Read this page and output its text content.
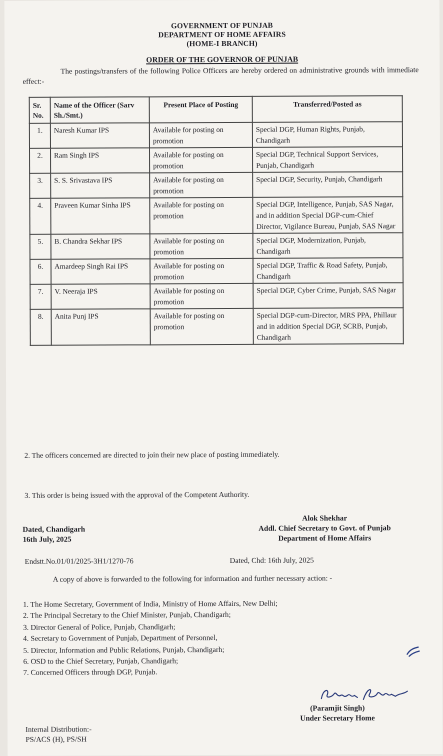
GOVERNMENT OF PUNJAB
DEPARTMENT OF HOME AFFAIRS
(HOME-I BRANCH)
ORDER OF THE GOVERNOR OF PUNJAB
The postings/transfers of the following Police Officers are hereby ordered on administrative grounds with immediate effect:-
Sr. No.	Name of the Officer (Sarv Sh./Smt.)	Present Place of Posting	Transferred/Posted as
1.	Naresh Kumar IPS	Available for posting on promotion	Special DGP, Human Rights, Punjab, Chandigarh
2.	Ram Singh IPS	Available for posting on promotion	Special DGP, Technical Support Services, Punjab, Chandigarh
3.	S. S. Srivastava IPS	Available for posting on promotion	Special DGP, Security, Punjab, Chandigarh
4.	Praveen Kumar Sinha IPS	Available for posting on promotion	Special DGP, Intelligence, Punjab, SAS Nagar, and in addition Special DGP-cum-Chief Director, Vigilance Bureau, Punjab, SAS Nagar
5.	B. Chandra Sekhar IPS	Available for posting on promotion	Special DGP, Modernization, Punjab, Chandigarh
6.	Amardeep Singh Rai IPS	Available for posting on promotion	Special DGP, Traffic & Road Safety, Punjab, Chandigarh
7.	V. Neeraja IPS	Available for posting on promotion	Special DGP, Cyber Crime, Punjab, SAS Nagar
8.	Anita Punj IPS	Available for posting on promotion	Special DGP-cum-Director, MRS PPA, Phillaur and in addition Special DGP, SCRB, Punjab, Chandigarh
2. The officers concerned are directed to join their new place of posting immediately.
3. This order is being issued with the approval of the Competent Authority.
Alok Shekhar
Addl. Chief Secretary to Govt. of Punjab
Department of Home Affairs
Dated, Chandigarh
16th July, 2025
Endstt.No.01/01/2025-3H1/1270-76	Dated, Chd: 16th July, 2025
A copy of above is forwarded to the following for information and further necessary action: -
1. The Home Secretary, Government of India, Ministry of Home Affairs, New Delhi;
2. The Principal Secretary to the Chief Minister, Punjab, Chandigarh;
3. Director General of Police, Punjab, Chandigarh;
4. Secretary to Government of Punjab, Department of Personnel,
5. Director, Information and Public Relations, Punjab, Chandigarh;
6. OSD to the Chief Secretary, Punjab, Chandigarh;
7. Concerned Officers through DGP, Punjab.
(Paramjit Singh)
Under Secretary Home
Internal Distribution:-
PS/ACS (H), PS/SH
